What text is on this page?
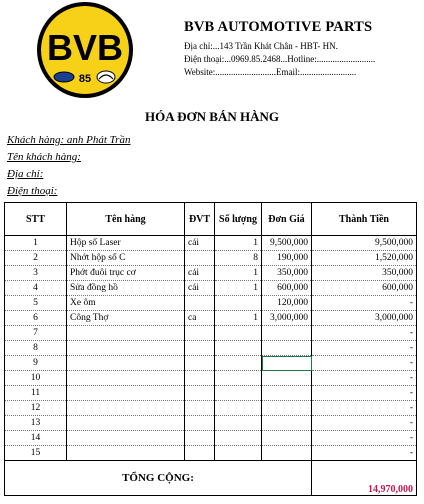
BVB
85
BVB AUTOMOTIVE PARTS
Địa chỉ:...143 Trần Khát Chân - HBT- HN.
Điện thoại:...0969.85.2468...Hotline:..........................
Website:...........................Email:.........................
HÓA ĐƠN BÁN HÀNG
Khách hàng: anh Phát Trần
Tên khách hàng:
Địa chỉ:
Điện thoại:
STT	Tên hàng	ĐVT	Số lượng	Đơn Giá	Thành Tiền
1	Hộp số Laser	cái	1	9,500,000	9,500,000
2	Nhớt hộp số C		8	190,000	1,520,000
3	Phớt đuôi trục cơ	cái	1	350,000	350,000
4	Sửa đồng hồ	cái	1	600,000	600,000
5	Xe ôm			120,000	-
6	Công Thợ	ca	1	3,000,000	3,000,000
7					-
8					-
9					-
10					-
11					-
12					-
13					-
14					-
15					-
TỔNG CỘNG:					14,970,000
